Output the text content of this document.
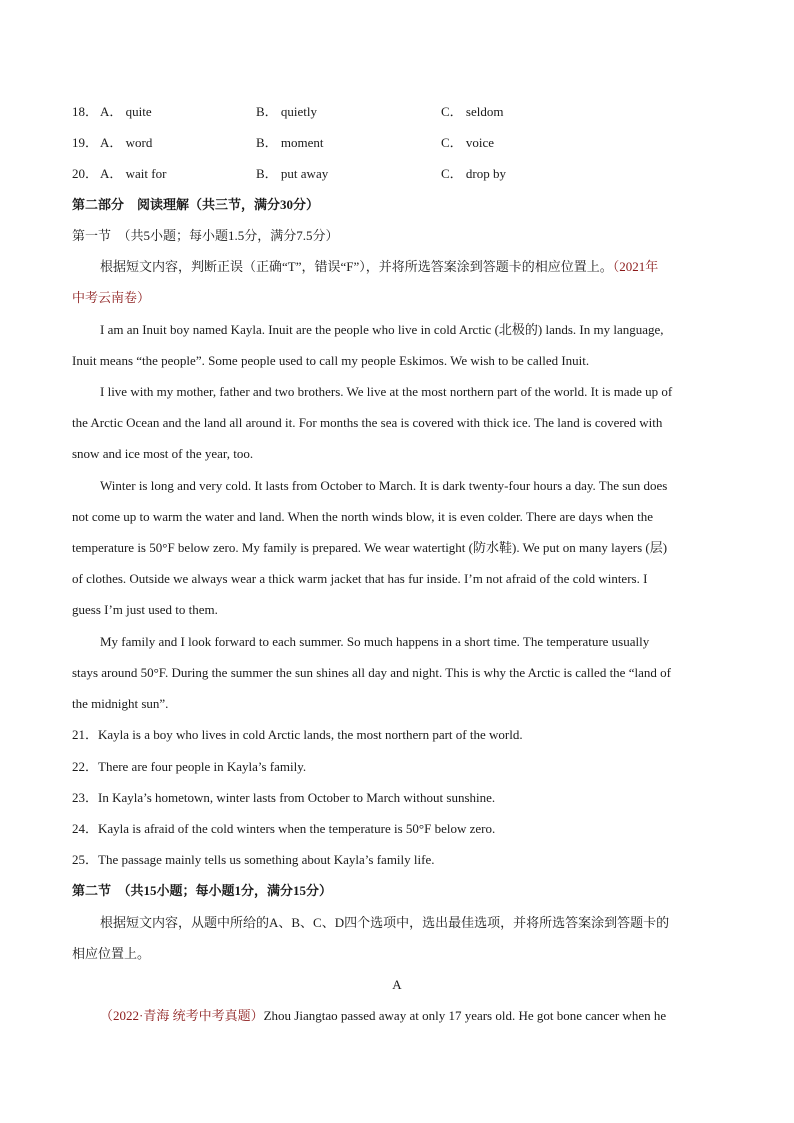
18． A． quite	B． quietly	C． seldom
19． A． word	B． moment	C． voice
20． A． wait for	B． put away	C． drop by
第二部分　阅读理解（共三节，满分30分）
第一节　（共5小题；每小题1.5分，满分7.5分）
根据短文内容，判断正误（正确“T”，错误“F”），并将所选答案涂到答题卡的相应位置上。（2021年
中考云南卷）
I am an Inuit boy named Kayla. Inuit are the people who live in cold Arctic (北极的) lands. In my language,
Inuit means “the people”. Some people used to call my people Eskimos. We wish to be called Inuit.
I live with my mother, father and two brothers. We live at the most northern part of the world. It is made up of
the Arctic Ocean and the land all around it. For months the sea is covered with thick ice. The land is covered with
snow and ice most of the year, too.
Winter is long and very cold. It lasts from October to March. It is dark twenty-four hours a day. The sun does
not come up to warm the water and land. When the north winds blow, it is even colder. There are days when the
temperature is 50°F below zero. My family is prepared. We wear watertight (防水鞋). We put on many layers (层)
of clothes. Outside we always wear a thick warm jacket that has fur inside. I’m not afraid of the cold winters. I
guess I’m just used to them.
My family and I look forward to each summer. So much happens in a short time. The temperature usually
stays around 50°F. During the summer the sun shines all day and night. This is why the Arctic is called the “land of
the midnight sun”.
21．Kayla is a boy who lives in cold Arctic lands, the most northern part of the world.
22．There are four people in Kayla’s family.
23．In Kayla’s hometown, winter lasts from October to March without sunshine.
24．Kayla is afraid of the cold winters when the temperature is 50°F below zero.
25．The passage mainly tells us something about Kayla’s family life.
第二节　（共15小题；每小题1分，满分15分）
根据短文内容，从题中所给的A、B、C、D四个选项中，选出最佳选项，并将所选答案涂到答题卡的
相应位置上。
A
（2022·青海 统考中考真题）Zhou Jiangtao passed away at only 17 years old. He got bone cancer when he
